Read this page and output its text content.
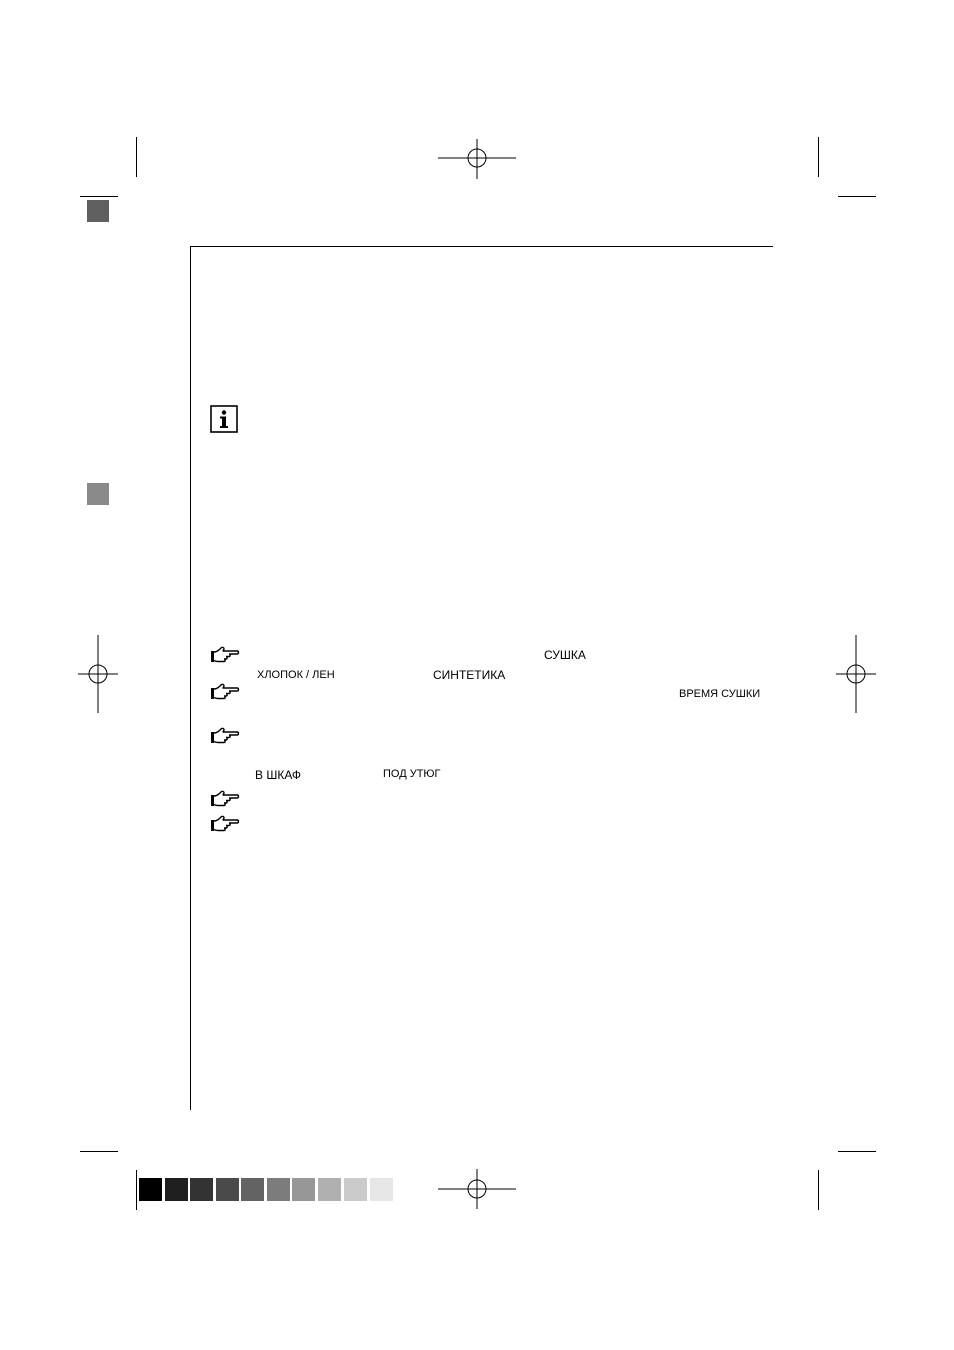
СУШКА
ХЛОПОК / ЛЕН	СИНТЕТИКА
ВРЕМЯ СУШКИ
В ШКАФ	ПОД УТЮГ
